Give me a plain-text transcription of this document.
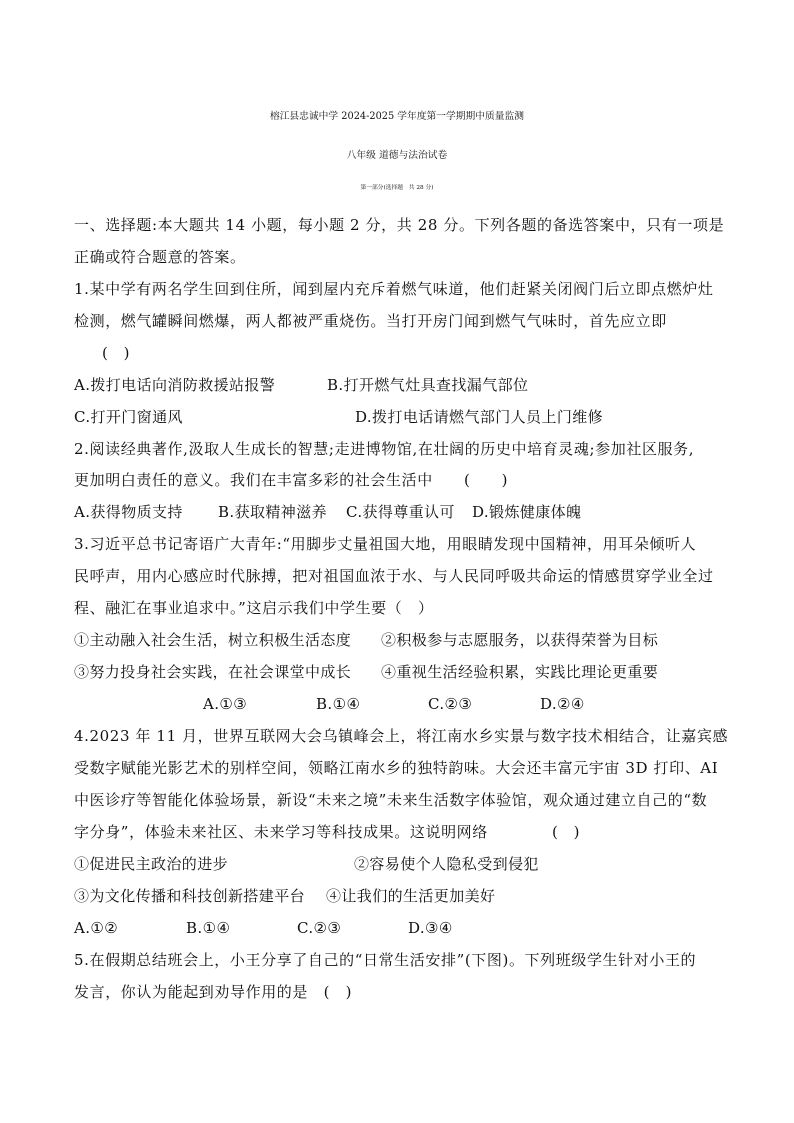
榕江县忠诚中学 2024-2025 学年度第一学期期中质量监测
八年级 道德与法治试卷
第一部分(选择题　共 28 分)
一、选择题:本大题共 14 小题，每小题 2 分，共 28 分。下列各题的备选答案中，只有一项是
正确或符合题意的答案。
1.某中学有两名学生回到住所，闻到屋内充斥着燃气味道，他们赶紧关闭阀门后立即点燃炉灶
检测，燃气罐瞬间燃爆，两人都被严重烧伤。当打开房门闻到燃气气味时，首先应立即
(　)
A.拨打电话向消防救援站报警	B.打开燃气灶具查找漏气部位
C.打开门窗通风	D.拨打电话请燃气部门人员上门维修
2.阅读经典著作,汲取人生成长的智慧;走进博物馆,在壮阔的历史中培育灵魂;参加社区服务,
更加明白责任的意义。我们在丰富多彩的社会生活中　　(　　)
A.获得物质支持 B.获取精神滋养 C.获得尊重认可 D.锻炼健康体魄
3.习近平总书记寄语广大青年:“用脚步丈量祖国大地，用眼睛发现中国精神，用耳朵倾听人
民呼声，用内心感应时代脉搏，把对祖国血浓于水、与人民同呼吸共命运的情感贯穿学业全过
程、融汇在事业追求中。”这启示我们中学生要（　）
①主动融入社会生活，树立积极生活态度 ②积极参与志愿服务，以获得荣誉为目标
③努力投身社会实践，在社会课堂中成长 ④重视生活经验积累，实践比理论更重要
A.①③	B.①④	C.②③	D.②④
4.2023 年 11 月，世界互联网大会乌镇峰会上，将江南水乡实景与数字技术相结合，让嘉宾感
受数字赋能光影艺术的别样空间，领略江南水乡的独特韵味。大会还丰富元宇宙 3D 打印、AI
中医诊疗等智能化体验场景，新设“未来之境”未来生活数字体验馆，观众通过建立自己的“数
字分身”，体验未来社区、未来学习等科技成果。这说明网络	(　)
①促进民主政治的进步	②容易使个人隐私受到侵犯
③为文化传播和科技创新搭建平台 ④让我们的生活更加美好
A.①②	B.①④	C.②③	D.③④
5.在假期总结班会上，小王分享了自己的“日常生活安排”(下图)。下列班级学生针对小王的
发言，你认为能起到劝导作用的是　(　)
